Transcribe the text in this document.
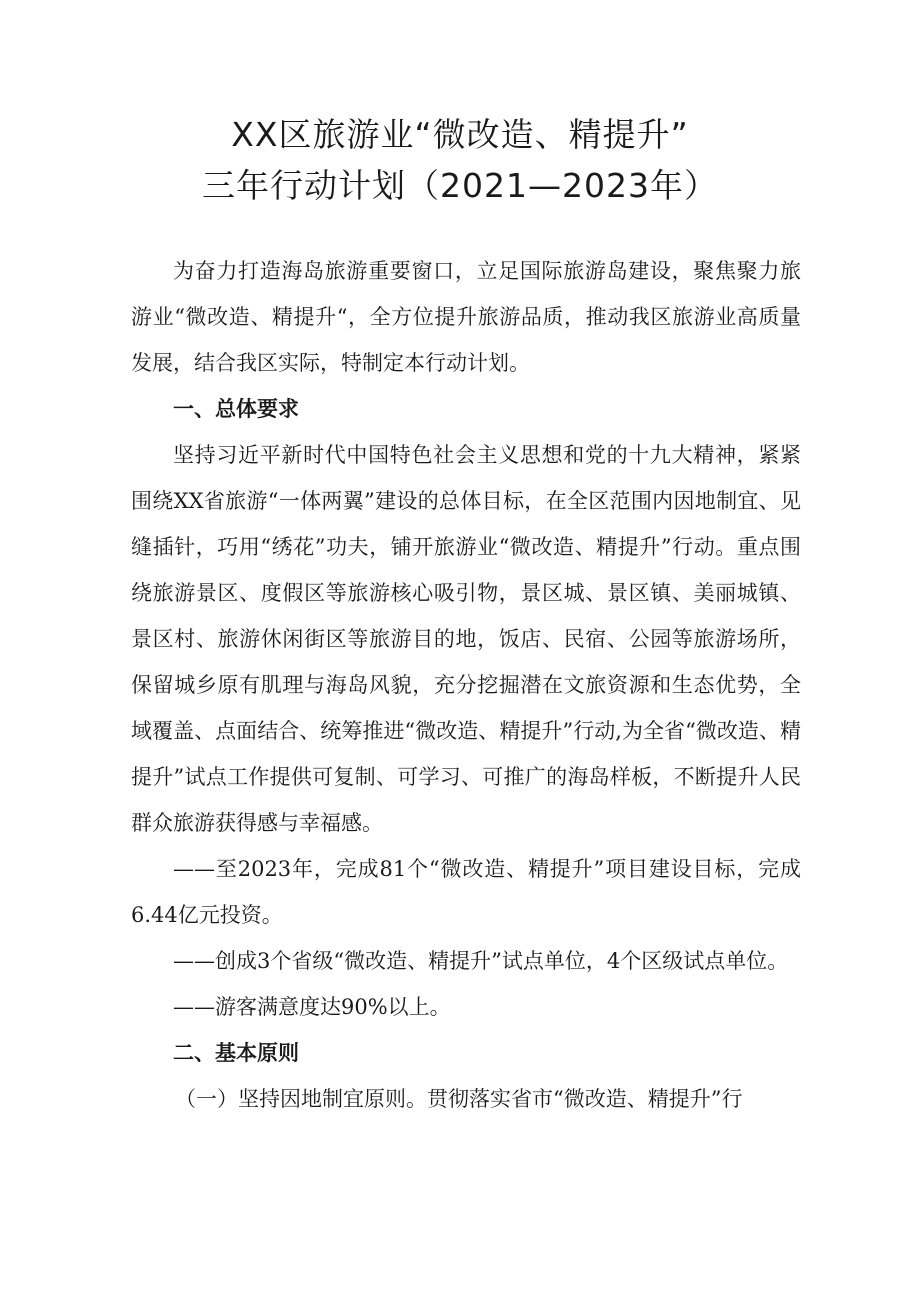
XX区旅游业“微改造、精提升”
三年行动计划（2021—2023年）

为奋力打造海岛旅游重要窗口，立足国际旅游岛建设，聚焦聚力旅游业“微改造、精提升“，全方位提升旅游品质，推动我区旅游业高质量发展，结合我区实际，特制定本行动计划。

一、总体要求

坚持习近平新时代中国特色社会主义思想和党的十九大精神，紧紧围绕XX省旅游“一体两翼”建设的总体目标，在全区范围内因地制宜、见缝插针，巧用“绣花”功夫，铺开旅游业“微改造、精提升”行动。重点围绕旅游景区、度假区等旅游核心吸引物，景区城、景区镇、美丽城镇、景区村、旅游休闲街区等旅游目的地，饭店、民宿、公园等旅游场所，保留城乡原有肌理与海岛风貌，充分挖掘潜在文旅资源和生态优势，全域覆盖、点面结合、统筹推进“微改造、精提升”行动,为全省“微改造、精提升”试点工作提供可复制、可学习、可推广的海岛样板，不断提升人民群众旅游获得感与幸福感。

——至2023年，完成81个“微改造、精提升”项目建设目标，完成6.44亿元投资。

——创成3个省级“微改造、精提升”试点单位，4个区级试点单位。

——游客满意度达90%以上。

二、基本原则

（一）坚持因地制宜原则。贯彻落实省市“微改造、精提升”行
